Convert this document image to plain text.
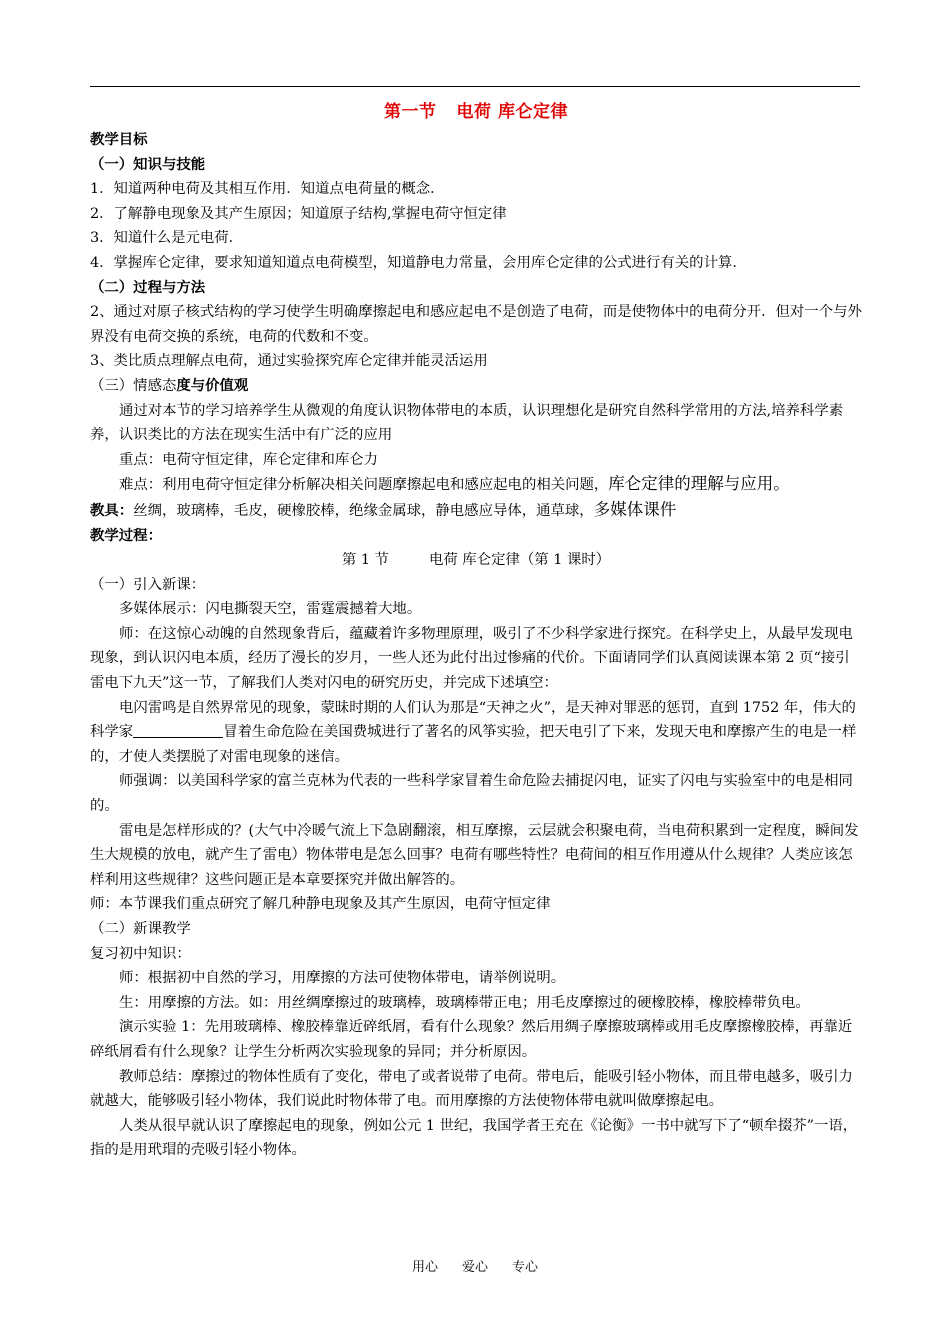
第一节 电荷 库仑定律

教学目标

（一）知识与技能

1．知道两种电荷及其相互作用．知道点电荷量的概念．

2．了解静电现象及其产生原因；知道原子结构,掌握电荷守恒定律

3．知道什么是元电荷．

4．掌握库仑定律，要求知道知道点电荷模型，知道静电力常量，会用库仑定律的公式进行有关的计算．

（二）过程与方法

2、通过对原子核式结构的学习使学生明确摩擦起电和感应起电不是创造了电荷，而是使物体中的电荷分开．但对一个与外界没有电荷交换的系统，电荷的代数和不变。

3、类比质点理解点电荷，通过实验探究库仑定律并能灵活运用

（三）情感态度与价值观

通过对本节的学习培养学生从微观的角度认识物体带电的本质，认识理想化是研究自然科学常用的方法,培养科学素养，认识类比的方法在现实生活中有广泛的应用

重点：电荷守恒定律，库仑定律和库仑力

难点：利用电荷守恒定律分析解决相关问题摩擦起电和感应起电的相关问题，库仑定律的理解与应用。

教具：丝绸，玻璃棒，毛皮，硬橡胶棒，绝缘金属球，静电感应导体，通草球，多媒体课件

教学过程：

第 1 节	电荷 库仑定律（第 1 课时）

（一）引入新课：

多媒体展示：闪电撕裂天空，雷霆震撼着大地。

师：在这惊心动魄的自然现象背后，蕴藏着许多物理原理，吸引了不少科学家进行探究。在科学史上，从最早发现电现象，到认识闪电本质，经历了漫长的岁月，一些人还为此付出过惨痛的代价。下面请同学们认真阅读课本第 2 页“接引雷电下九天”这一节，了解我们人类对闪电的研究历史，并完成下述填空：

电闪雷鸣是自然界常见的现象，蒙昧时期的人们认为那是“天神之火”，是天神对罪恶的惩罚，直到 1752 年，伟大的科学家	冒着生命危险在美国费城进行了著名的风筝实验，把天电引了下来，发现天电和摩擦产生的电是一样的，才使人类摆脱了对雷电现象的迷信。

师强调：以美国科学家的富兰克林为代表的一些科学家冒着生命危险去捕捉闪电，证实了闪电与实验室中的电是相同的。

雷电是怎样形成的？(大气中冷暖气流上下急剧翻滚，相互摩擦，云层就会积聚电荷，当电荷积累到一定程度，瞬间发生大规模的放电，就产生了雷电）物体带电是怎么回事？电荷有哪些特性？电荷间的相互作用遵从什么规律？人类应该怎样利用这些规律？这些问题正是本章要探究并做出解答的。

师：本节课我们重点研究了解几种静电现象及其产生原因，电荷守恒定律

（二）新课教学

复习初中知识：

师：根据初中自然的学习，用摩擦的方法可使物体带电，请举例说明。

生：用摩擦的方法。如：用丝绸摩擦过的玻璃棒，玻璃棒带正电；用毛皮摩擦过的硬橡胶棒，橡胶棒带负电。

演示实验 1：先用玻璃棒、橡胶棒靠近碎纸屑，看有什么现象？然后用绸子摩擦玻璃棒或用毛皮摩擦橡胶棒，再靠近碎纸屑看有什么现象？让学生分析两次实验现象的异同；并分析原因。

教师总结：摩擦过的物体性质有了变化，带电了或者说带了电荷。带电后，能吸引轻小物体，而且带电越多，吸引力就越大，能够吸引轻小物体，我们说此时物体带了电。而用摩擦的方法使物体带电就叫做摩擦起电。

人类从很早就认识了摩擦起电的现象，例如公元 1 世纪，我国学者王充在《论衡》一书中就写下了“顿牟掇芥”一语，指的是用玳瑁的壳吸引轻小物体。

用心 爱心 专心
